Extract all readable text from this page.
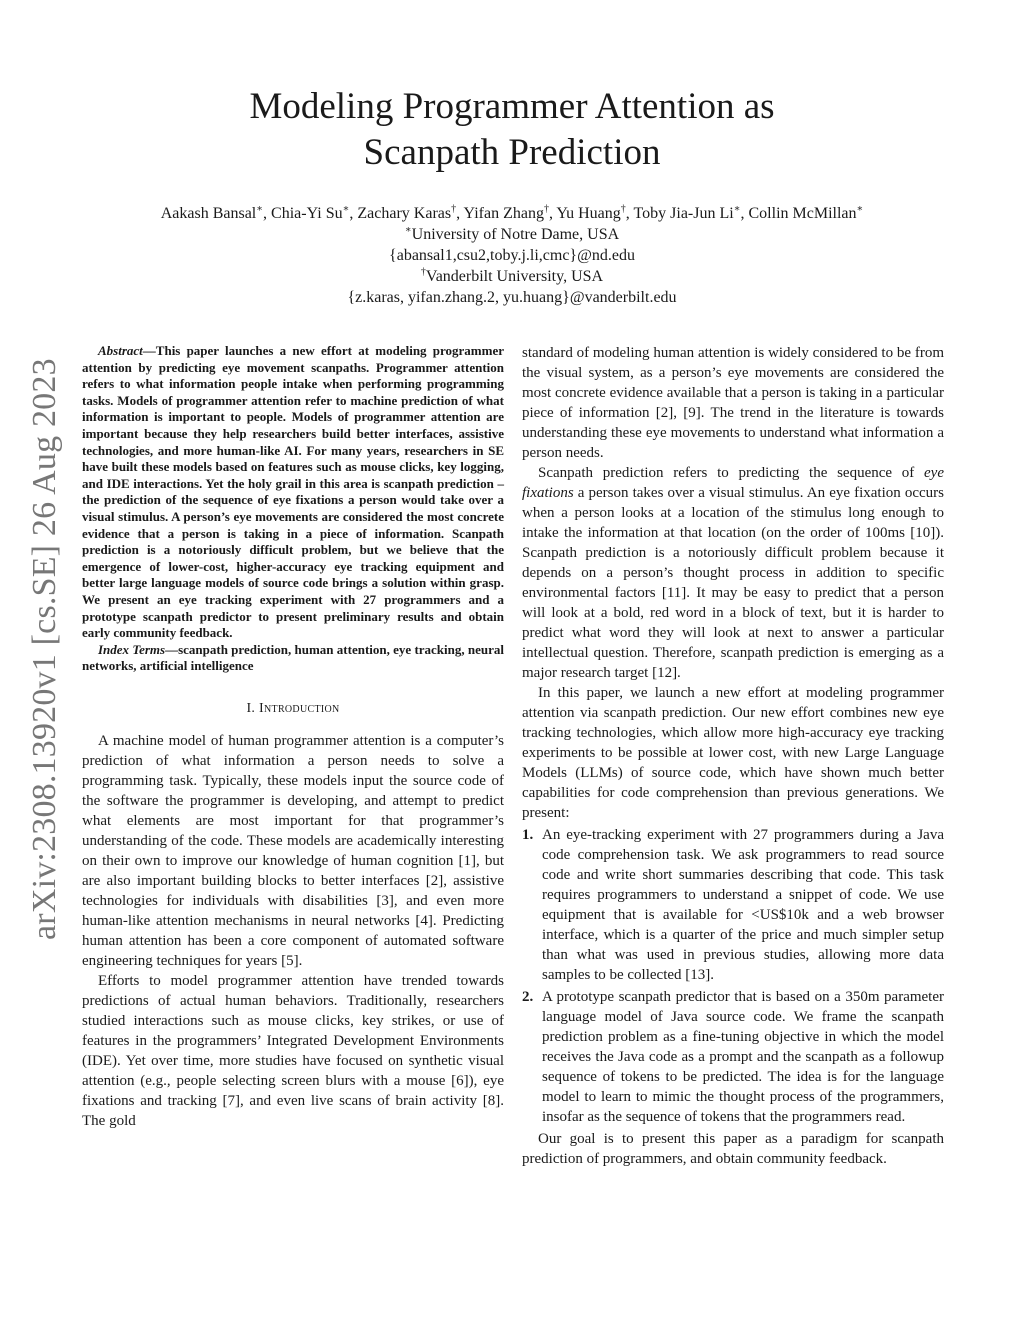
arXiv:2308.13920v1 [cs.SE] 26 Aug 2023
Modeling Programmer Attention as
Scanpath Prediction
Aakash Bansal∗, Chia-Yi Su∗, Zachary Karas†, Yifan Zhang†, Yu Huang†, Toby Jia-Jun Li∗, Collin McMillan∗
∗University of Notre Dame, USA
{abansal1,csu2,toby.j.li,cmc}@nd.edu
†Vanderbilt University, USA
{z.karas, yifan.zhang.2, yu.huang}@vanderbilt.edu

Abstract—This paper launches a new effort at modeling programmer attention by predicting eye movement scanpaths. Programmer attention refers to what information people intake when performing programming tasks. Models of programmer attention refer to machine prediction of what information is important to people. Models of programmer attention are important because they help researchers build better interfaces, assistive technologies, and more human-like AI. For many years, researchers in SE have built these models based on features such as mouse clicks, key logging, and IDE interactions. Yet the holy grail in this area is scanpath prediction – the prediction of the sequence of eye fixations a person would take over a visual stimulus. A person’s eye movements are considered the most concrete evidence that a person is taking in a piece of information. Scanpath prediction is a notoriously difficult problem, but we believe that the emergence of lower-cost, higher-accuracy eye tracking equipment and better large language models of source code brings a solution within grasp. We present an eye tracking experiment with 27 programmers and a prototype scanpath predictor to present preliminary results and obtain early community feedback.

Index Terms—scanpath prediction, human attention, eye tracking, neural networks, artificial intelligence

I. Introduction

A machine model of human programmer attention is a computer’s prediction of what information a person needs to solve a programming task. Typically, these models input the source code of the software the programmer is developing, and attempt to predict what elements are most important for that programmer’s understanding of the code. These models are academically interesting on their own to improve our knowledge of human cognition [1], but are also important building blocks to better interfaces [2], assistive technologies for individuals with disabilities [3], and even more human-like attention mechanisms in neural networks [4]. Predicting human attention has been a core component of automated software engineering techniques for years [5].

Efforts to model programmer attention have trended towards predictions of actual human behaviors. Traditionally, researchers studied interactions such as mouse clicks, key strikes, or use of features in the programmers’ Integrated Development Environments (IDE). Yet over time, more studies have focused on synthetic visual attention (e.g., people selecting screen blurs with a mouse [6]), eye fixations and tracking [7], and even live scans of brain activity [8]. The gold

standard of modeling human attention is widely considered to be from the visual system, as a person’s eye movements are considered the most concrete evidence available that a person is taking in a particular piece of information [2], [9]. The trend in the literature is towards understanding these eye movements to understand what information a person needs.

Scanpath prediction refers to predicting the sequence of eye fixations a person takes over a visual stimulus. An eye fixation occurs when a person looks at a location of the stimulus long enough to intake the information at that location (on the order of 100ms [10]). Scanpath prediction is a notoriously difficult problem because it depends on a person’s thought process in addition to specific environmental factors [11]. It may be easy to predict that a person will look at a bold, red word in a block of text, but it is harder to predict what word they will look at next to answer a particular intellectual question. Therefore, scanpath prediction is emerging as a major research target [12].

In this paper, we launch a new effort at modeling programmer attention via scanpath prediction. Our new effort combines new eye tracking technologies, which allow more high-accuracy eye tracking experiments to be possible at lower cost, with new Large Language Models (LLMs) of source code, which have shown much better capabilities for code comprehension than previous generations. We present:

1. An eye-tracking experiment with 27 programmers during a Java code comprehension task. We ask programmers to read source code and write short summaries describing that code. This task requires programmers to understand a snippet of code. We use equipment that is available for <US$10k and a web browser interface, which is a quarter of the price and much simpler setup than what was used in previous studies, allowing more data samples to be collected [13].
2. A prototype scanpath predictor that is based on a 350m parameter language model of Java source code. We frame the scanpath prediction problem as a fine-tuning objective in which the model receives the Java code as a prompt and the scanpath as a followup sequence of tokens to be predicted. The idea is for the language model to learn to mimic the thought process of the programmers, insofar as the sequence of tokens that the programmers read.

Our goal is to present this paper as a paradigm for scanpath prediction of programmers, and obtain community feedback.
